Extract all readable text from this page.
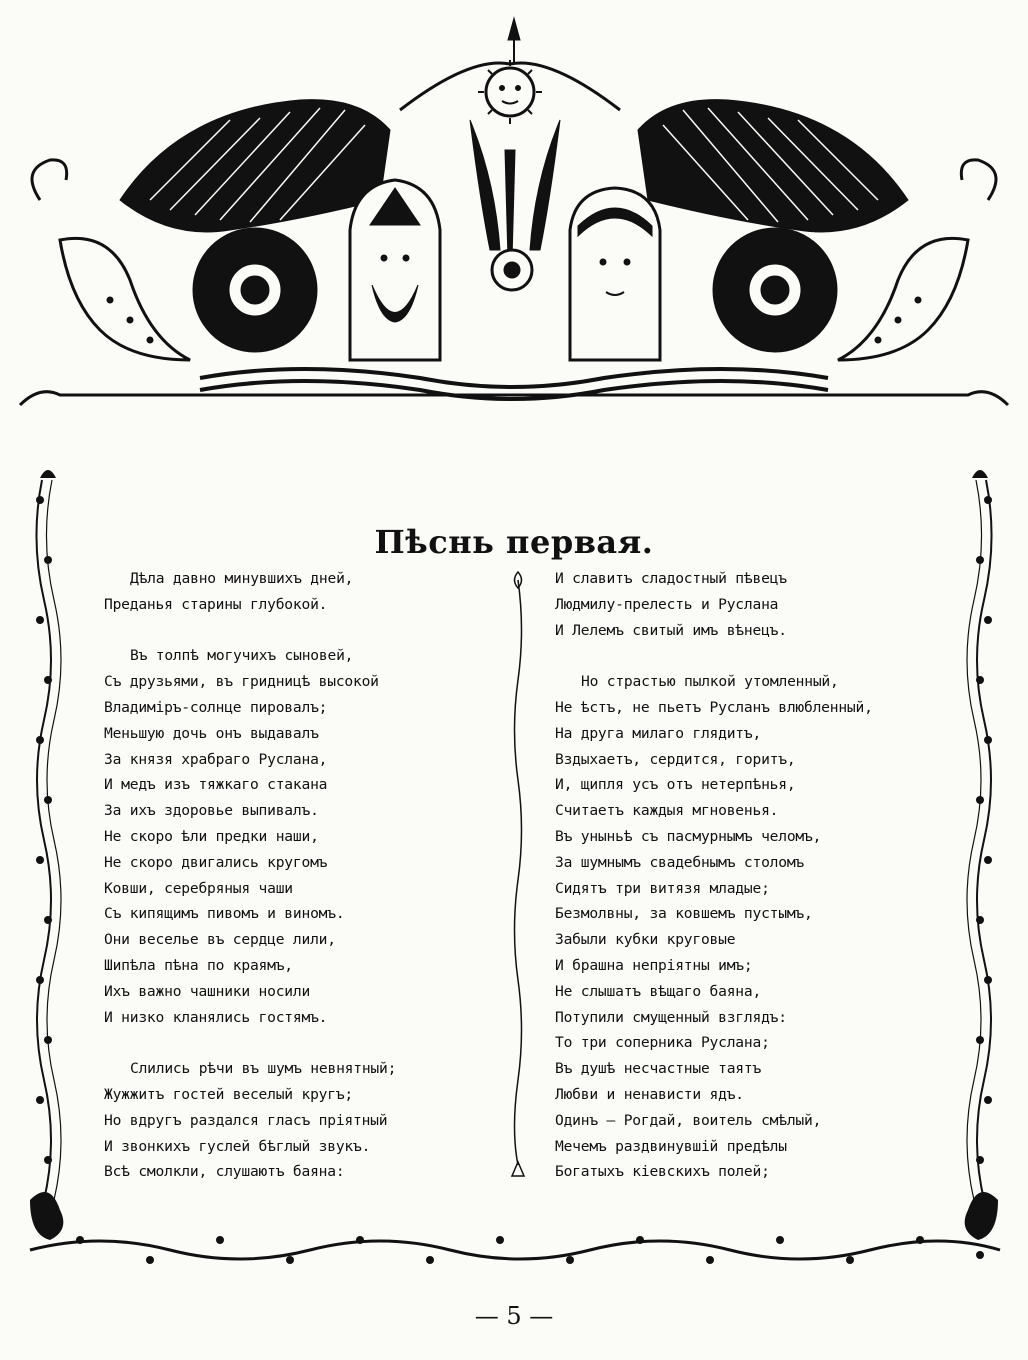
Пѣснь первая.
Дѣла давно минувшихъ дней,
Преданья старины глубокой.
Въ толпѣ могучихъ сыновей,
Съ друзьями, въ гридницѣ высокой
Владиміръ-солнце пировалъ;
Меньшую дочь онъ выдавалъ
За князя храбраго Руслана,
И медъ изъ тяжкаго стакана
За ихъ здоровье выпивалъ.
Не скоро ѣли предки наши,
Не скоро двигались кругомъ
Ковши, серебряныя чаши
Съ кипящимъ пивомъ и виномъ.
Они веселье въ сердце лили,
Шипѣла пѣна по краямъ,
Ихъ важно чашники носили
И низко кланялись гостямъ.
Слились рѣчи въ шумъ невнятный;
Жужжитъ гостей веселый кругъ;
Но вдругъ раздался гласъ пріятный
И звонкихъ гуслей бѣглый звукъ.
Всѣ смолкли, слушаютъ баяна:
И славитъ сладостный пѣвецъ
Людмилу-прелесть и Руслана
И Лелемъ свитый имъ вѣнецъ.
Но страстью пылкой утомленный,
Не ѣстъ, не пьетъ Русланъ влюбленный,
На друга милаго глядитъ,
Вздыхаетъ, сердится, горитъ,
И, щипля усъ отъ нетерпѣнья,
Считаетъ каждыя мгновенья.
Въ уныньѣ съ пасмурнымъ челомъ,
За шумнымъ свадебнымъ столомъ
Сидятъ три витязя младые;
Безмолвны, за ковшемъ пустымъ,
Забыли кубки круговые
И брашна непріятны имъ;
Не слышатъ вѣщаго баяна,
Потупили смущенный взглядъ:
То три соперника Руслана;
Въ душѣ несчастные таятъ
Любви и ненависти ядъ.
Одинъ — Рогдай, воитель смѣлый,
Мечемъ раздвинувшій предѣлы
Богатыхъ кіевскихъ полей;
— 5 —
